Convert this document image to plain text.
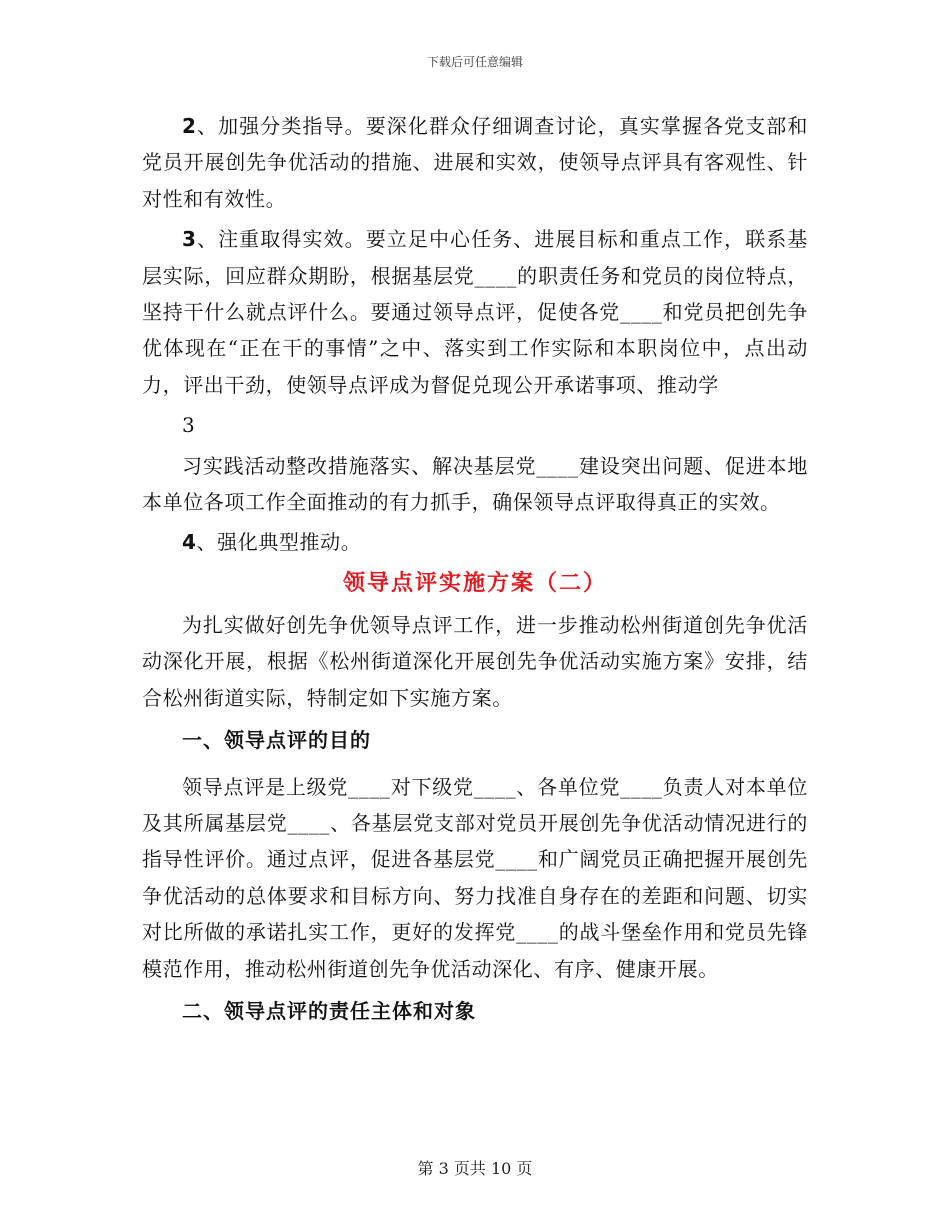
下载后可任意编辑

2、加强分类指导。要深化群众仔细调查讨论，真实掌握各党支部和党员开展创先争优活动的措施、进展和实效，使领导点评具有客观性、针对性和有效性。

3、注重取得实效。要立足中心任务、进展目标和重点工作，联系基层实际，回应群众期盼，根据基层党____的职责任务和党员的岗位特点，坚持干什么就点评什么。要通过领导点评，促使各党____和党员把创先争优体现在“正在干的事情”之中、落实到工作实际和本职岗位中，点出动力，评出干劲，使领导点评成为督促兑现公开承诺事项、推动学

3

习实践活动整改措施落实、解决基层党____建设突出问题、促进本地本单位各项工作全面推动的有力抓手，确保领导点评取得真正的实效。

4、强化典型推动。

领导点评实施方案（二）

为扎实做好创先争优领导点评工作，进一步推动松州街道创先争优活动深化开展，根据《松州街道深化开展创先争优活动实施方案》安排，结合松州街道实际，特制定如下实施方案。

一、领导点评的目的

领导点评是上级党____对下级党____、各单位党____负责人对本单位及其所属基层党____、各基层党支部对党员开展创先争优活动情况进行的指导性评价。通过点评，促进各基层党____和广阔党员正确把握开展创先争优活动的总体要求和目标方向、努力找准自身存在的差距和问题、切实对比所做的承诺扎实工作，更好的发挥党____的战斗堡垒作用和党员先锋模范作用，推动松州街道创先争优活动深化、有序、健康开展。

二、领导点评的责任主体和对象
第 3 页共 10 页
